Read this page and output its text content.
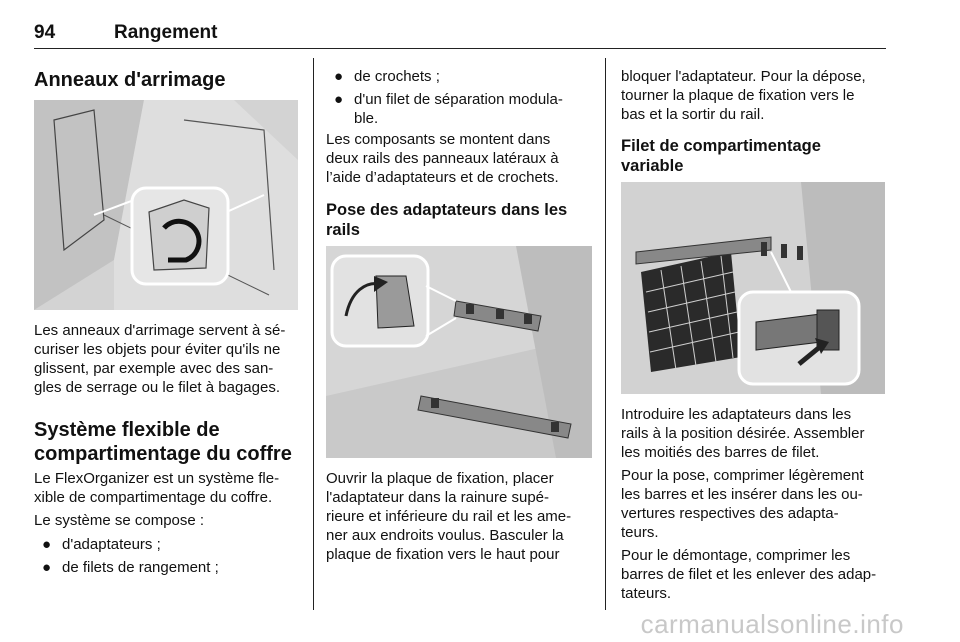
94	Rangement
Anneaux d'arrimage
Les anneaux d'arrimage servent à sé-
curiser les objets pour éviter qu'ils ne
glissent, par exemple avec des san-
gles de serrage ou le filet à bagages.
Système flexible de
compartimentage du coffre
Le FlexOrganizer est un système fle-
xible de compartimentage du coffre.
Le système se compose :
● d'adaptateurs ;
● de filets de rangement ;
● de crochets ;
● d'un filet de séparation modula-
ble.
Les composants se montent dans
deux rails des panneaux latéraux à
l’aide d’adaptateurs et de crochets.
Pose des adaptateurs dans les
rails
Ouvrir la plaque de fixation, placer
l'adaptateur dans la rainure supé-
rieure et inférieure du rail et les ame-
ner aux endroits voulus. Basculer la
plaque de fixation vers le haut pour
bloquer l'adaptateur. Pour la dépose,
tourner la plaque de fixation vers le
bas et la sortir du rail.
Filet de compartimentage
variable
Introduire les adaptateurs dans les
rails à la position désirée. Assembler
les moitiés des barres de filet.
Pour la pose, comprimer légèrement
les barres et les insérer dans les ou-
vertures respectives des adapta-
teurs.
Pour le démontage, comprimer les
barres de filet et les enlever des adap-
tateurs.
carmanualsonline.info
